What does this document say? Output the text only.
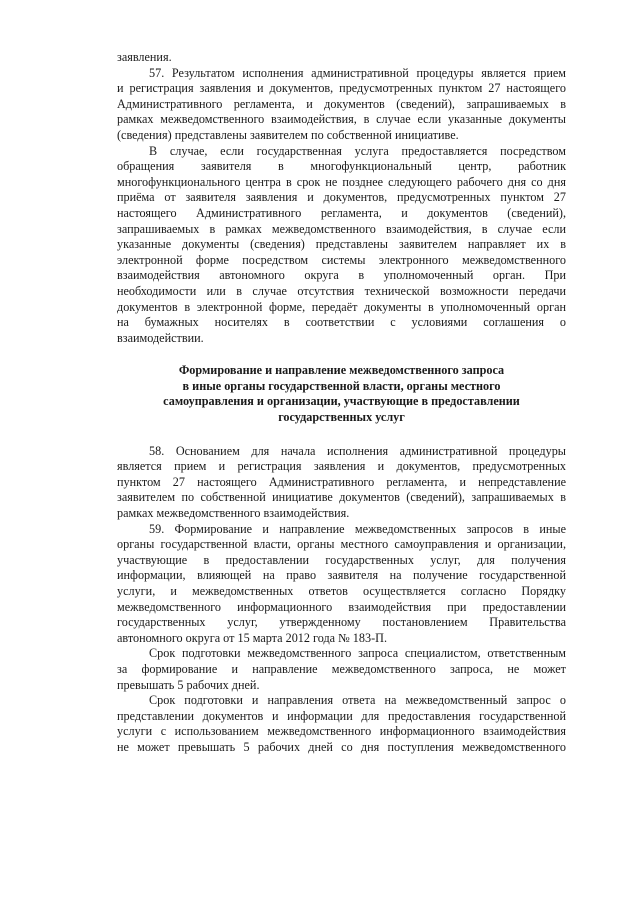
заявления.
57. Результатом исполнения административной процедуры является прием
и регистрация заявления и документов, предусмотренных пунктом 27 настоящего
Административного регламента, и документов (сведений), запрашиваемых в
рамках межведомственного взаимодействия, в случае если указанные документы
(сведения) представлены заявителем по собственной инициативе.
В случае, если государственная услуга предоставляется посредством
обращения заявителя в многофункциональный центр, работник
многофункционального центра в срок не позднее следующего рабочего дня со дня
приёма от заявителя заявления и документов, предусмотренных пунктом 27
настоящего Административного регламента, и документов (сведений),
запрашиваемых в рамках межведомственного взаимодействия, в случае если
указанные документы (сведения) представлены заявителем направляет их в
электронной форме посредством системы электронного межведомственного
взаимодействия автономного округа в уполномоченный орган. При
необходимости или в случае отсутствия технической возможности передачи
документов в электронной форме, передаёт документы в уполномоченный орган
на бумажных носителях в соответствии с условиями соглашения о
взаимодействии.
Формирование и направление межведомственного запроса
в иные органы государственной власти, органы местного
самоуправления и организации, участвующие в предоставлении
государственных услуг
58. Основанием для начала исполнения административной процедуры
является прием и регистрация заявления и документов, предусмотренных
пунктом 27 настоящего Административного регламента, и непредставление
заявителем по собственной инициативе документов (сведений), запрашиваемых в
рамках межведомственного взаимодействия.
59. Формирование и направление межведомственных запросов в иные
органы государственной власти, органы местного самоуправления и организации,
участвующие в предоставлении государственных услуг, для получения
информации, влияющей на право заявителя на получение государственной
услуги, и межведомственных ответов осуществляется согласно Порядку
межведомственного информационного взаимодействия при предоставлении
государственных услуг, утвержденному постановлением Правительства
автономного округа от 15 марта 2012 года № 183-П.
Срок подготовки межведомственного запроса специалистом, ответственным
за формирование и направление межведомственного запроса, не может
превышать 5 рабочих дней.
Срок подготовки и направления ответа на межведомственный запрос о
представлении документов и информации для предоставления государственной
услуги с использованием межведомственного информационного взаимодействия
не может превышать 5 рабочих дней со дня поступления межведомственного
